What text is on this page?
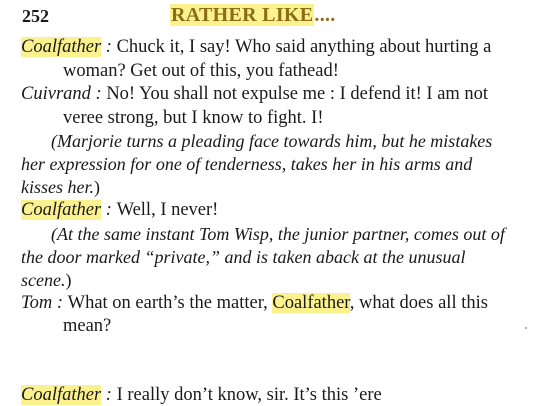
252	RATHER LIKE....

Coalfather : Chuck it, I say! Who said anything about hurting a woman? Get out of this, you fathead!

Cuivrand : No! You shall not expulse me : I defend it! I am not veree strong, but I know to fight. I!

(Marjorie turns a pleading face towards him, but he mistakes her expression for one of tenderness, takes her in his arms and kisses her.)

Coalfather : Well, I never!

(At the same instant Tom Wisp, the junior partner, comes out of the door marked “private,” and is taken aback at the unusual scene.)

Tom : What on earth’s the matter, Coalfather, what does all this mean?

Coalfather : I really don’t know, sir. It’s this ’ere
